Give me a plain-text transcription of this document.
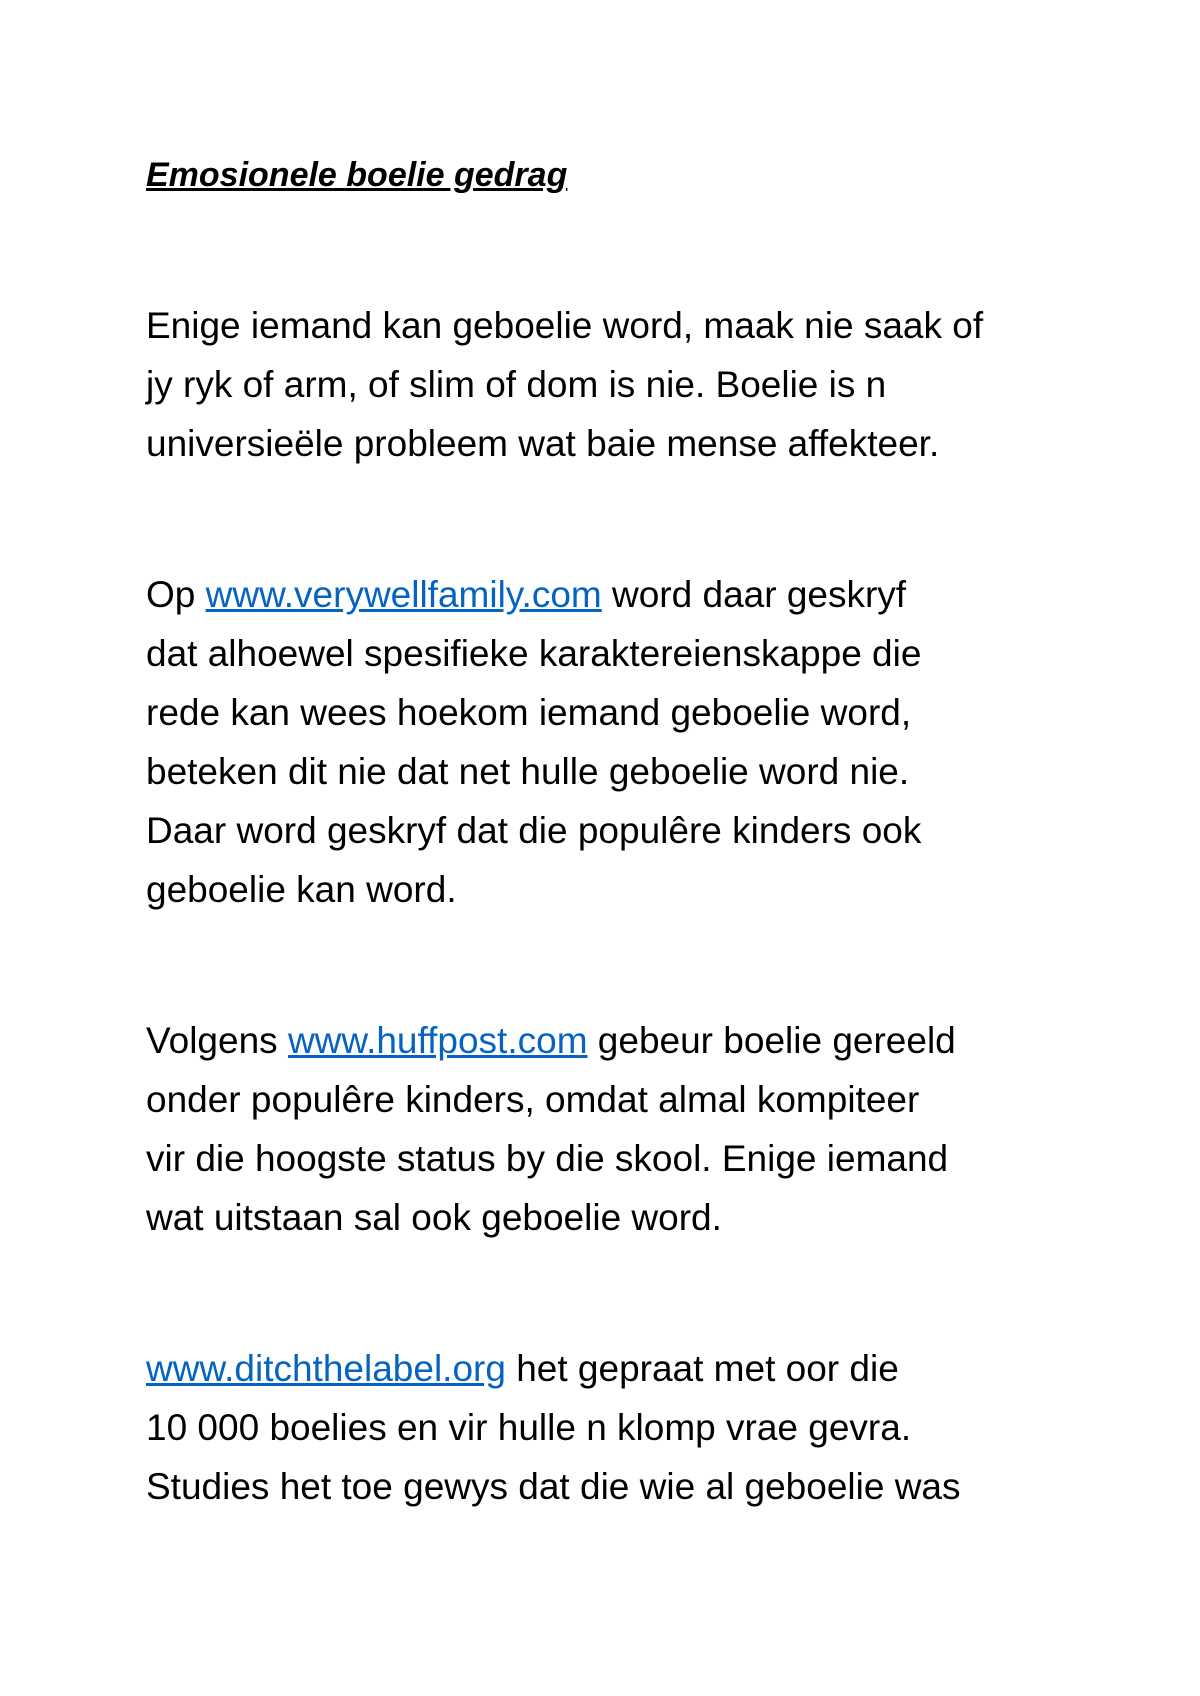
Emosionele boelie gedrag
Enige iemand kan geboelie word, maak nie saak of
jy ryk of arm, of slim of dom is nie. Boelie is n
universieële probleem wat baie mense affekteer.
Op www.verywellfamily.com word daar geskryf
dat alhoewel spesifieke karaktereienskappe die
rede kan wees hoekom iemand geboelie word,
beteken dit nie dat net hulle geboelie word nie.
Daar word geskryf dat die populêre kinders ook
geboelie kan word.
Volgens www.huffpost.com gebeur boelie gereeld
onder populêre kinders, omdat almal kompiteer
vir die hoogste status by die skool. Enige iemand
wat uitstaan sal ook geboelie word.
www.ditchthelabel.org het gepraat met oor die
10 000 boelies en vir hulle n klomp vrae gevra.
Studies het toe gewys dat die wie al geboelie was
